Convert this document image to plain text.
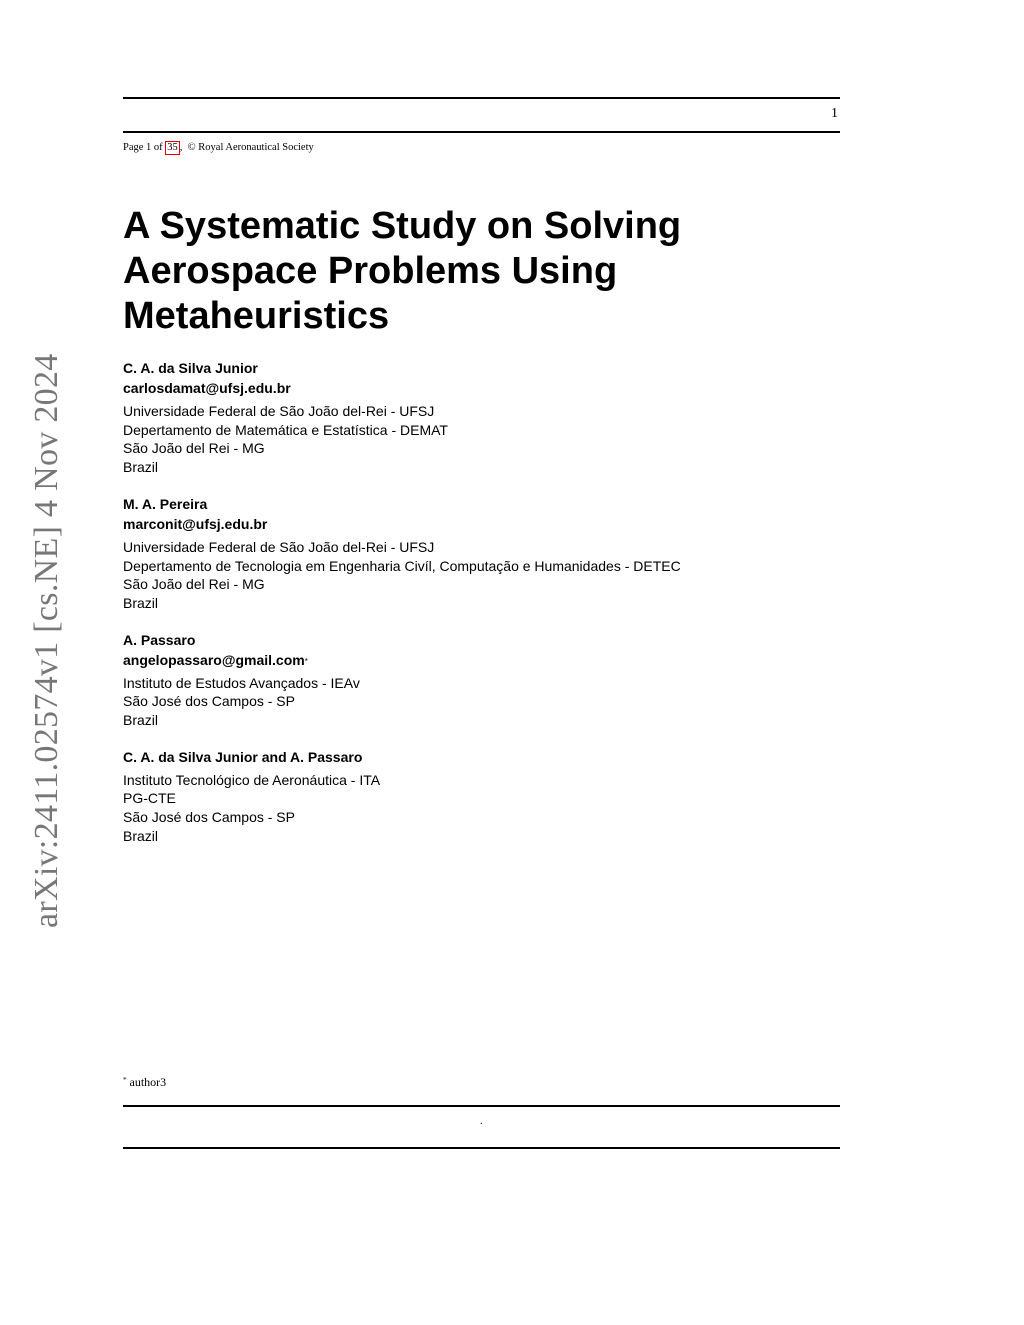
1
Page 1 of 35 ,  © Royal Aeronautical Society
arXiv:2411.02574v1 [cs.NE] 4 Nov 2024
A Systematic Study on Solving Aerospace Problems Using Metaheuristics
C. A. da Silva Junior
carlosdamat@ufsj.edu.br
Universidade Federal de São João del-Rei - UFSJ
Depertamento de Matemática e Estatística - DEMAT
São João del Rei - MG
Brazil
M. A. Pereira
marconit@ufsj.edu.br
Universidade Federal de São João del-Rei - UFSJ
Depertamento de Tecnologia em Engenharia Civíl, Computação e Humanidades - DETEC
São João del Rei - MG
Brazil
A. Passaro
angelopassaro@gmail.com*
Instituto de Estudos Avançados - IEAv
São José dos Campos - SP
Brazil
C. A. da Silva Junior and A. Passaro
Instituto Tecnológico de Aeronáutica - ITA
PG-CTE
São José dos Campos - SP
Brazil
* author3
.
